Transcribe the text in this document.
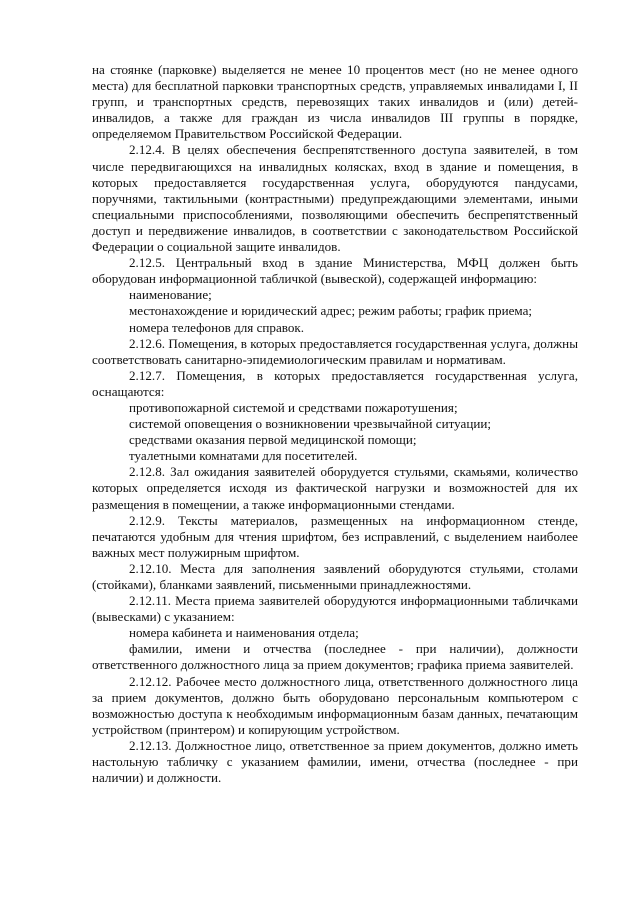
на стоянке (парковке) выделяется не менее 10 процентов мест (но не менее одного места) для бесплатной парковки транспортных средств, управляемых инвалидами I, II групп, и транспортных средств, перевозящих таких инвалидов и (или) детей-инвалидов, а также для граждан из числа инвалидов III группы в порядке, определяемом Правительством Российской Федерации.

2.12.4. В целях обеспечения беспрепятственного доступа заявителей, в том числе передвигающихся на инвалидных колясках, вход в здание и помещения, в которых предоставляется государственная услуга, оборудуются пандусами, поручнями, тактильными (контрастными) предупреждающими элементами, иными специальными приспособлениями, позволяющими обеспечить беспрепятственный доступ и передвижение инвалидов, в соответствии с законодательством Российской Федерации о социальной защите инвалидов.

2.12.5. Центральный вход в здание Министерства, МФЦ должен быть оборудован информационной табличкой (вывеской), содержащей информацию:

наименование;

местонахождение и юридический адрес; режим работы; график приема;

номера телефонов для справок.

2.12.6. Помещения, в которых предоставляется государственная услуга, должны соответствовать санитарно-эпидемиологическим правилам и нормативам.

2.12.7. Помещения, в которых предоставляется государственная услуга, оснащаются:

противопожарной системой и средствами пожаротушения;

системой оповещения о возникновении чрезвычайной ситуации;

средствами оказания первой медицинской помощи;

туалетными комнатами для посетителей.

2.12.8. Зал ожидания заявителей оборудуется стульями, скамьями, количество которых определяется исходя из фактической нагрузки и возможностей для их размещения в помещении, а также информационными стендами.

2.12.9. Тексты материалов, размещенных на информационном стенде, печатаются удобным для чтения шрифтом, без исправлений, с выделением наиболее важных мест полужирным шрифтом.

2.12.10. Места для заполнения заявлений оборудуются стульями, столами (стойками), бланками заявлений, письменными принадлежностями.

2.12.11. Места приема заявителей оборудуются информационными табличками (вывесками) с указанием:

номера кабинета и наименования отдела;

фамилии, имени и отчества (последнее - при наличии), должности ответственного должностного лица за прием документов; графика приема заявителей.

2.12.12. Рабочее место должностного лица, ответственного должностного лица за прием документов, должно быть оборудовано персональным компьютером с возможностью доступа к необходимым информационным базам данных, печатающим устройством (принтером) и копирующим устройством.

2.12.13. Должностное лицо, ответственное за прием документов, должно иметь настольную табличку с указанием фамилии, имени, отчества (последнее - при наличии) и должности.
